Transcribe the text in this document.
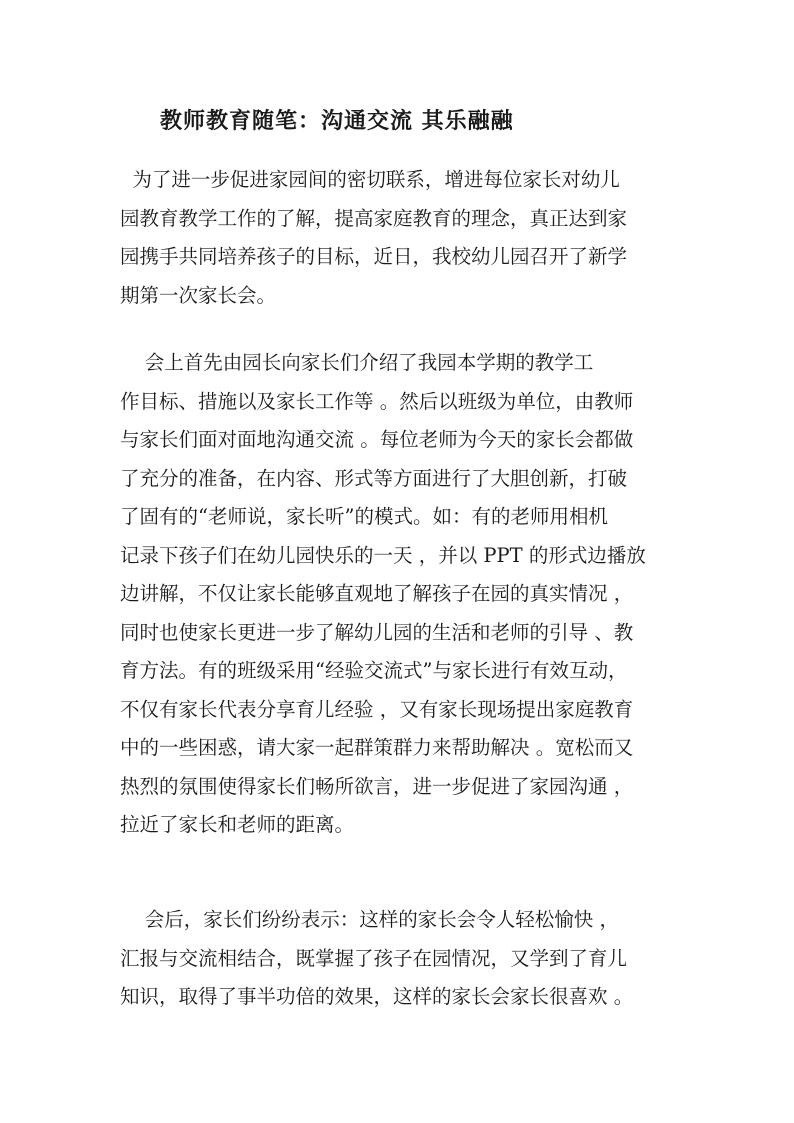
教师教育随笔：沟通交流 其乐融融
为了进一步促进家园间的密切联系，增进每位家长对幼儿
园教育教学工作的了解，提高家庭教育的理念，真正达到家
园携手共同培养孩子的目标，近日，我校幼儿园召开了新学
期第一次家长会。
会上首先由园长向家长们介绍了我园本学期的教学工
作目标、措施以及家长工作等 。然后以班级为单位，由教师
与家长们面对面地沟通交流 。每位老师为今天的家长会都做
了充分的准备，在内容、形式等方面进行了大胆创新，打破
了固有的“老师说，家长听”的模式。如：有的老师用相机
记录下孩子们在幼儿园快乐的一天 ，并以 PPT 的形式边播放
边讲解，不仅让家长能够直观地了解孩子在园的真实情况 ，
同时也使家长更进一步了解幼儿园的生活和老师的引导 、教
育方法。有的班级采用“经验交流式”与家长进行有效互动，
不仅有家长代表分享育儿经验 ，又有家长现场提出家庭教育
中的一些困惑，请大家一起群策群力来帮助解决 。宽松而又
热烈的氛围使得家长们畅所欲言，进一步促进了家园沟通 ，
拉近了家长和老师的距离。
会后，家长们纷纷表示：这样的家长会令人轻松愉快 ，
汇报与交流相结合，既掌握了孩子在园情况，又学到了育儿
知识，取得了事半功倍的效果，这样的家长会家长很喜欢 。
